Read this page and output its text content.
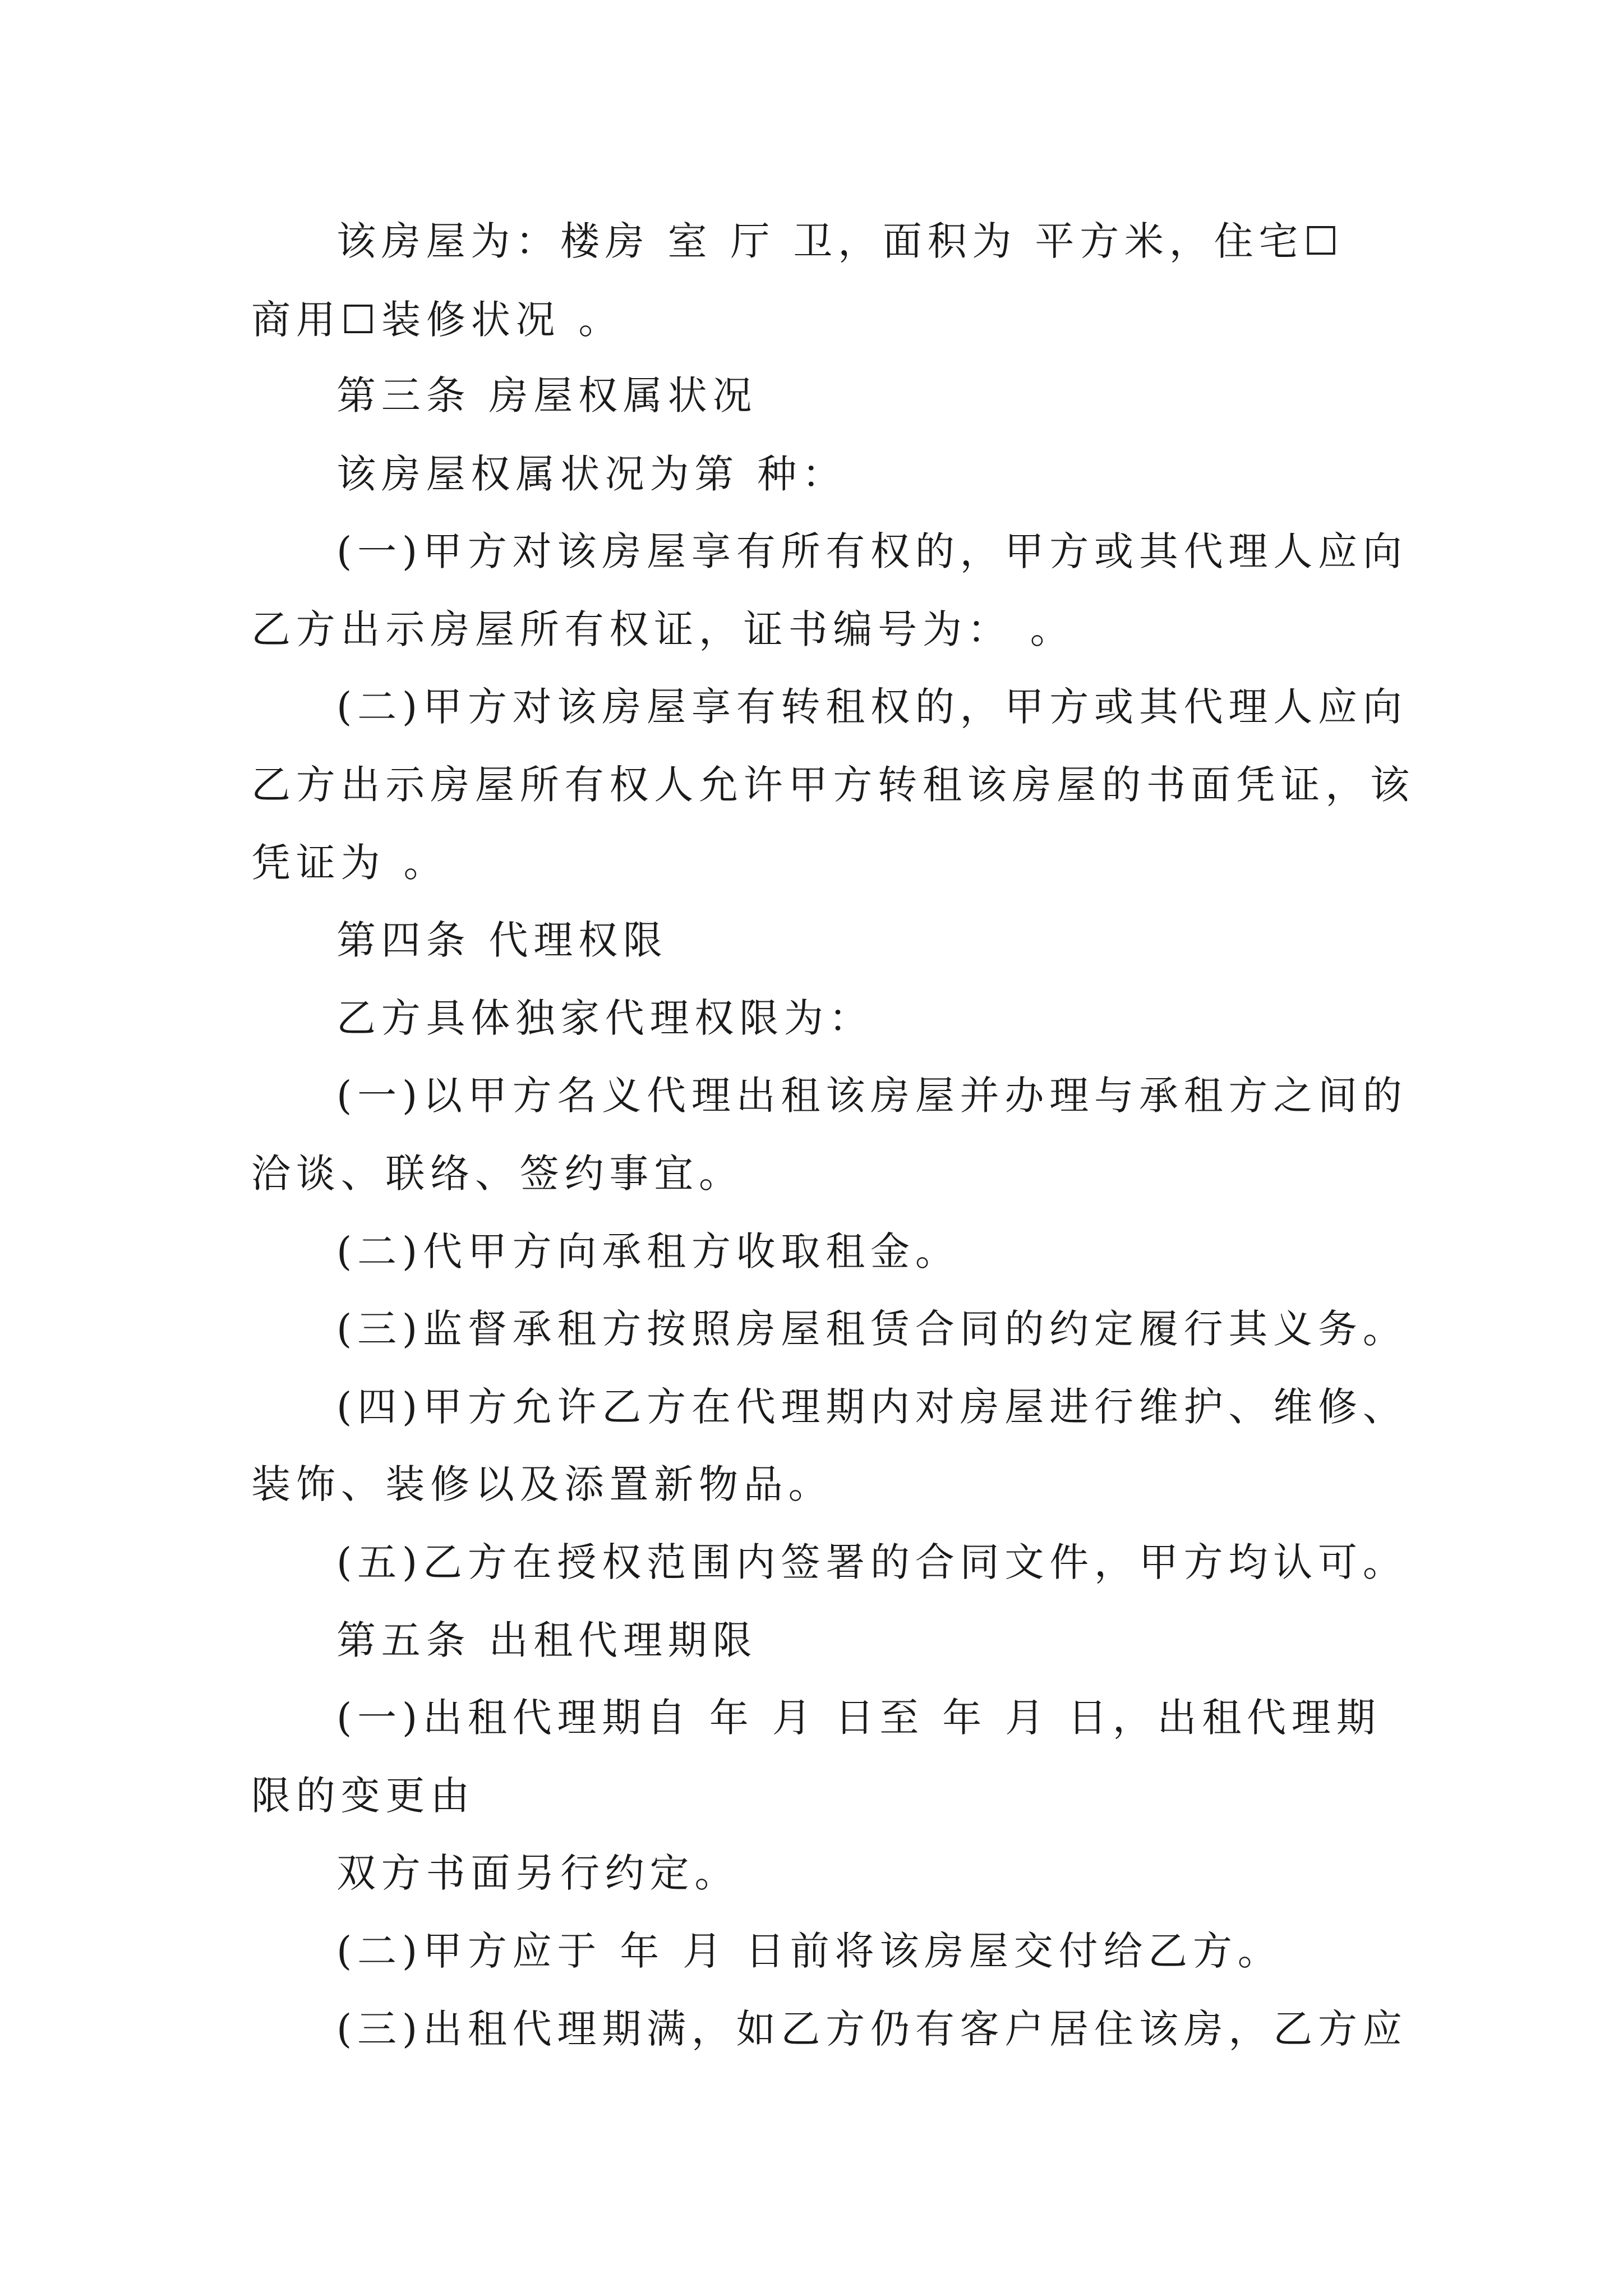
该房屋为：楼房 室 厅 卫，面积为 平方米，住宅☐
商用☐装修状况 。
第三条 房屋权属状况
该房屋权属状况为第 种：
(一)甲方对该房屋享有所有权的，甲方或其代理人应向
乙方出示房屋所有权证，证书编号为： 。
(二)甲方对该房屋享有转租权的，甲方或其代理人应向
乙方出示房屋所有权人允许甲方转租该房屋的书面凭证，该
凭证为 。
第四条 代理权限
乙方具体独家代理权限为：
(一)以甲方名义代理出租该房屋并办理与承租方之间的
洽谈、联络、签约事宜。
(二)代甲方向承租方收取租金。
(三)监督承租方按照房屋租赁合同的约定履行其义务。
(四)甲方允许乙方在代理期内对房屋进行维护、维修、
装饰、装修以及添置新物品。
(五)乙方在授权范围内签署的合同文件，甲方均认可。
第五条 出租代理期限
(一)出租代理期自 年 月 日至 年 月 日，出租代理期
限的变更由
双方书面另行约定。
(二)甲方应于 年 月 日前将该房屋交付给乙方。
(三)出租代理期满，如乙方仍有客户居住该房，乙方应
